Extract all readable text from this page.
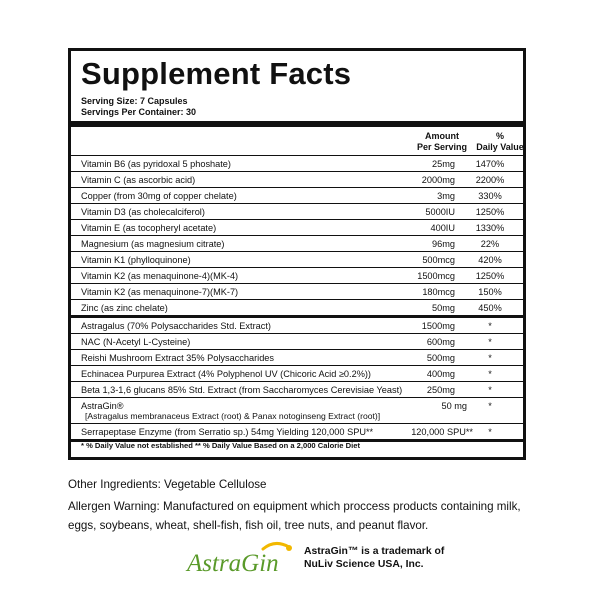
Supplement Facts
Serving Size: 7 Capsules
Servings Per Container: 30
Amount
Per Serving
%
Daily Value
Vitamin B6 (as pyridoxal 5 phoshate)	25mg	1470%
Vitamin C (as ascorbic acid)	2000mg	2200%
Copper (from 30mg of copper chelate)	3mg	330%
Vitamin D3 (as cholecalciferol)	5000IU	1250%
Vitamin E (as tocopheryl acetate)	400IU	1330%
Magnesium (as magnesium citrate)	96mg	22%
Vitamin K1 (phylloquinone)	500mcg	420%
Vitamin K2 (as menaquinone-4)(MK-4)	1500mcg	1250%
Vitamin K2 (as menaquinone-7)(MK-7)	180mcg	150%
Zinc (as zinc chelate)	50mg	450%
Astragalus (70% Polysaccharides Std. Extract)	1500mg	*
NAC (N-Acetyl L-Cysteine)	600mg	*
Reishi Mushroom Extract 35% Polysaccharides	500mg	*
Echinacea Purpurea Extract (4% Polyphenol UV (Chicoric Acid ≥0.2%))	400mg	*
Beta 1,3-1,6 glucans 85% Std. Extract (from Saccharomyces Cerevisiae Yeast)	250mg	*
AstraGin®
[Astragalus membranaceus Extract (root) & Panax notoginseng Extract (root)]
50 mg	*
Serrapeptase Enzyme (from Serratio sp.) 54mg Yielding 120,000 SPU**	120,000 SPU**	*
* % Daily Value not established ** % Daily Value Based on a 2,000 Calorie Diet
Other Ingredients: Vegetable Cellulose
Allergen Warning: Manufactured on equipment which proccess products containing milk, eggs, soybeans, wheat, shell-fish, fish oil, tree nuts, and peanut flavor.
AstraGin AstraGin™ is a trademark of
NuLiv Science USA, Inc.
